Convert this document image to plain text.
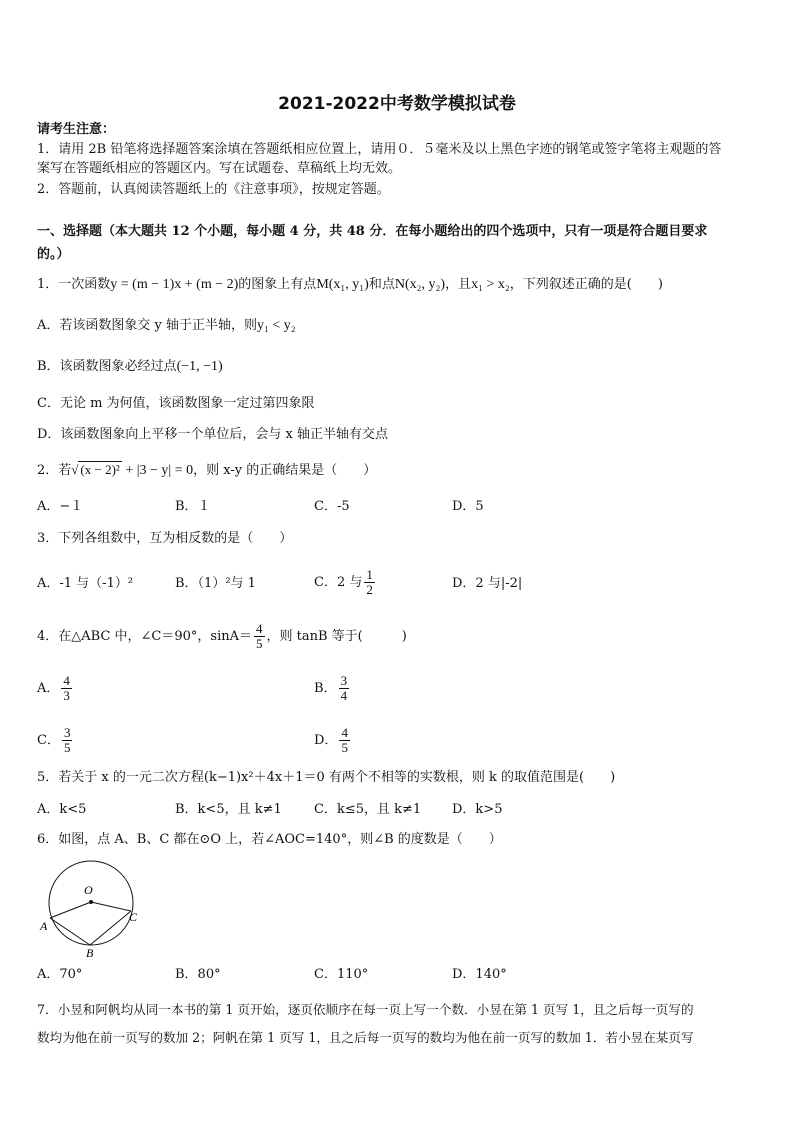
2021-2022中考数学模拟试卷
请考生注意：
1．请用 2B 铅笔将选择题答案涂填在答题纸相应位置上，请用０．５毫米及以上黑色字迹的钢笔或签字笔将主观题的答
案写在答题纸相应的答题区内。写在试题卷、草稿纸上均无效。
2．答题前，认真阅读答题纸上的《注意事项》，按规定答题。
一、选择题（本大题共 12 个小题，每小题 4 分，共 48 分．在每小题给出的四个选项中，只有一项是符合题目要求
的。）
1．一次函数y = (m − 1)x + (m − 2)的图象上有点M(x₁, y₁)和点N(x₂, y₂)，且x₁ > x₂，下列叙述正确的是(　　)
A．若该函数图象交 y 轴于正半轴，则y₁ < y₂
B．该函数图象必经过点(−1, −1)
C．无论 m 为何值，该函数图象一定过第四象限
D．该函数图象向上平移一个单位后，会与 x 轴正半轴有交点
2．若√ (x − 2)² + |3 − y| = 0，则 x-y 的正确结果是（　　）
A．−１	B．１	C．-5	D．5
3．下列各组数中，互为相反数的是（　　）
A．-1 与（-1）²	B．（1）²与 1	C．2 与 $\frac{1}{2}$	D．2 与|-2|
4．在△ABC 中，∠C＝90°，$\sin A= \frac{4}{5}$ ，则 tanB 等于(　　　)
A． $\frac{4}{3}$	B． $\frac{3}{4}$
C． $\frac{3}{5}$	D． $\frac{4}{5}$
5．若关于 x 的一元二次方程(k−1)x²＋4x＋1＝0 有两个不相等的实数根，则 k 的取值范围是(　　)
A．k<5	B．k<5，且 k≠1 C．k≤5，且 k≠1 D．k>5
6．如图，点 A、B、C 都在⊙O 上，若∠AOC=140°，则∠B 的度数是（　　）
O
A
B
C
A．70°	B．80°	C．110°	D．140°
7．小昱和阿帆均从同一本书的第 1 页开始，逐页依顺序在每一页上写一个数．小昱在第 1 页写 1，且之后每一页写的
数均为他在前一页写的数加 2；阿帆在第 1 页写 1，且之后每一页写的数均为他在前一页写的数加 1．若小昱在某页写
